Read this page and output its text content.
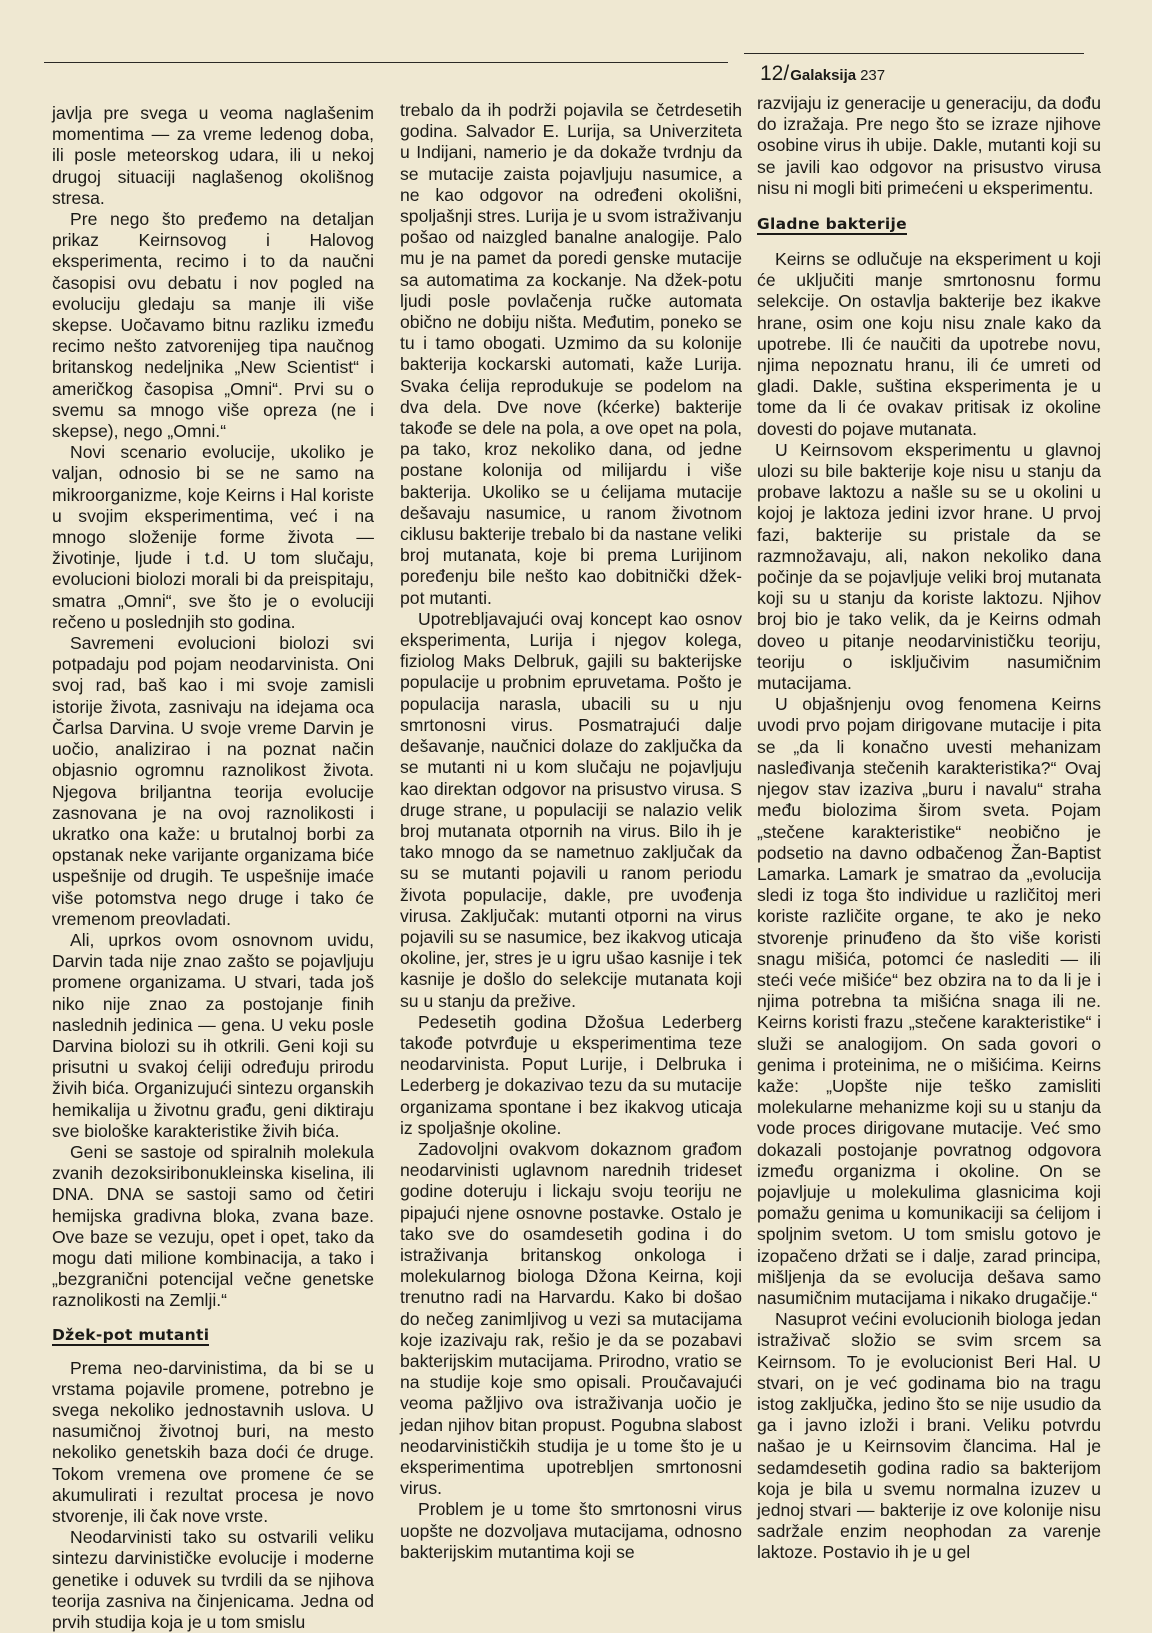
12/Galaksija 237

javlja pre svega u veoma naglašenim momentima — za vreme ledenog doba, ili posle meteorskog udara, ili u nekoj drugoj situaciji naglašenog okolišnog stresa.

Pre nego što pređemo na detaljan prikaz Keirnsovog i Halovog eksperimenta, recimo i to da naučni časopisi ovu debatu i nov pogled na evoluciju gledaju sa manje ili više skepse. Uočavamo bitnu razliku između recimo nešto zatvorenijeg tipa naučnog britanskog nedeljnika „New Scientist“ i američkog časopisa „Omni“. Prvi su o svemu sa mnogo više opreza (ne i skepse), nego „Omni.“

Novi scenario evolucije, ukoliko je valjan, odnosio bi se ne samo na mikroorganizme, koje Keirns i Hal koriste u svojim eksperimentima, već i na mnogo složenije forme života — životinje, ljude i t.d. U tom slučaju, evolucioni biolozi morali bi da preispitaju, smatra „Omni“, sve što je o evoluciji rečeno u poslednjih sto godina.

Savremeni evolucioni biolozi svi potpadaju pod pojam neodarvinista. Oni svoj rad, baš kao i mi svoje zamisli istorije života, zasnivaju na idejama oca Čarlsa Darvina. U svoje vreme Darvin je uočio, analizirao i na poznat način objasnio ogromnu raznolikost života. Njegova briljantna teorija evolucije zasnovana je na ovoj raznolikosti i ukratko ona kaže: u brutalnoj borbi za opstanak neke varijante organizama biće uspešnije od drugih. Te uspešnije imaće više potomstva nego druge i tako će vremenom preovladati.

Ali, uprkos ovom osnovnom uvidu, Darvin tada nije znao zašto se pojavljuju promene organizama. U stvari, tada još niko nije znao za postojanje finih naslednih jedinica — gena. U veku posle Darvina biolozi su ih otkrili. Geni koji su prisutni u svakoj ćeliji određuju prirodu živih bića. Organizujući sintezu organskih hemikalija u životnu građu, geni diktiraju sve biološke karakteristike živih bića.

Geni se sastoje od spiralnih molekula zvanih dezoksiribonukleinska kiselina, ili DNA. DNA se sastoji samo od četiri hemijska gradivna bloka, zvana baze. Ove baze se vezuju, opet i opet, tako da mogu dati milione kombinacija, a tako i „bezgranični potencijal večne genetske raznolikosti na Zemlji.“

Džek-pot mutanti

Prema neo-darvinistima, da bi se u vrstama pojavile promene, potrebno je svega nekoliko jednostavnih uslova. U nasumičnoj životnoj buri, na mesto nekoliko genetskih baza doći će druge. Tokom vremena ove promene će se akumulirati i rezultat procesa je novo stvorenje, ili čak nove vrste.

Neodarvinisti tako su ostvarili veliku sintezu darvinističke evolucije i moderne genetike i oduvek su tvrdili da se njihova teorija zasniva na činjenicama. Jedna od prvih studija koja je u tom smislu

trebalo da ih podrži pojavila se četrdesetih godina. Salvador E. Lurija, sa Univerziteta u Indijani, namerio je da dokaže tvrdnju da se mutacije zaista pojavljuju nasumice, a ne kao odgovor na određeni okolišni, spoljašnji stres. Lurija je u svom istraživanju pošao od naizgled banalne analogije. Palo mu je na pamet da poredi genske mutacije sa automatima za kockanje. Na džek-potu ljudi posle povlačenja ručke automata obično ne dobiju ništa. Međutim, poneko se tu i tamo obogati. Uzmimo da su kolonije bakterija kockarski automati, kaže Lurija. Svaka ćelija reprodukuje se podelom na dva dela. Dve nove (kćerke) bakterije takođe se dele na pola, a ove opet na pola, pa tako, kroz nekoliko dana, od jedne postane kolonija od milijardu i više bakterija. Ukoliko se u ćelijama mutacije dešavaju nasumice, u ranom životnom ciklusu bakterije trebalo bi da nastane veliki broj mutanata, koje bi prema Lurijinom poređenju bile nešto kao dobitnički džek-pot mutanti.

Upotrebljavajući ovaj koncept kao osnov eksperimenta, Lurija i njegov kolega, fiziolog Maks Delbruk, gajili su bakterijske populacije u probnim epruvetama. Pošto je populacija narasla, ubacili su u nju smrtonosni virus. Posmatrajući dalje dešavanje, naučnici dolaze do zaključka da se mutanti ni u kom slučaju ne pojavljuju kao direktan odgovor na prisustvo virusa. S druge strane, u populaciji se nalazio velik broj mutanata otpornih na virus. Bilo ih je tako mnogo da se nametnuo zaključak da su se mutanti pojavili u ranom periodu života populacije, dakle, pre uvođenja virusa. Zaključak: mutanti otporni na virus pojavili su se nasumice, bez ikakvog uticaja okoline, jer, stres je u igru ušao kasnije i tek kasnije je došlo do selekcije mutanata koji su u stanju da prežive.

Pedesetih godina Džošua Lederberg takođe potvrđuje u eksperimentima teze neodarvinista. Poput Lurije, i Delbruka i Lederberg je dokazivao tezu da su mutacije organizama spontane i bez ikakvog uticaja iz spoljašnje okoline.

Zadovoljni ovakvom dokaznom građom neodarvinisti uglavnom narednih trideset godine doteruju i lickaju svoju teoriju ne pipajući njene osnovne postavke. Ostalo je tako sve do osamdesetih godina i do istraživanja britanskog onkologa i molekularnog biologa Džona Keirna, koji trenutno radi na Harvardu. Kako bi došao do nečeg zanimljivog u vezi sa mutacijama koje izazivaju rak, rešio je da se pozabavi bakterijskim mutacijama. Prirodno, vratio se na studije koje smo opisali. Proučavajući veoma pažljivo ova istraživanja uočio je jedan njihov bitan propust. Pogubna slabost neodarvinističkih studija je u tome što je u eksperimentima upotrebljen smrtonosni virus.

Problem je u tome što smrtonosni virus uopšte ne dozvoljava mutacijama, odnosno bakterijskim mutantima koji se

razvijaju iz generacije u generaciju, da dođu do izražaja. Pre nego što se izraze njihove osobine virus ih ubije. Dakle, mutanti koji su se javili kao odgovor na prisustvo virusa nisu ni mogli biti primećeni u eksperimentu.

Gladne bakterije

Keirns se odlučuje na eksperiment u koji će uključiti manje smrtonosnu formu selekcije. On ostavlja bakterije bez ikakve hrane, osim one koju nisu znale kako da upotrebe. Ili će naučiti da upotrebe novu, njima nepoznatu hranu, ili će umreti od gladi. Dakle, suština eksperimenta je u tome da li će ovakav pritisak iz okoline dovesti do pojave mutanata.

U Keirnsovom eksperimentu u glavnoj ulozi su bile bakterije koje nisu u stanju da probave laktozu a našle su se u okolini u kojoj je laktoza jedini izvor hrane. U prvoj fazi, bakterije su pristale da se razmnožavaju, ali, nakon nekoliko dana počinje da se pojavljuje veliki broj mutanata koji su u stanju da koriste laktozu. Njihov broj bio je tako velik, da je Keirns odmah doveo u pitanje neodarvinističku teoriju, teoriju o isključivim nasumičnim mutacijama.

U objašnjenju ovog fenomena Keirns uvodi prvo pojam dirigovane mutacije i pita se „da li konačno uvesti mehanizam nasleđivanja stečenih karakteristika?“ Ovaj njegov stav izaziva „buru i navalu“ straha među biolozima širom sveta. Pojam „stečene karakteristike“ neobično je podsetio na davno odbačenog Žan-Baptist Lamarka. Lamark je smatrao da „evolucija sledi iz toga što individue u različitoj meri koriste različite organe, te ako je neko stvorenje prinuđeno da što više koristi snagu mišića, potomci će naslediti — ili steći veće mišiće“ bez obzira na to da li je i njima potrebna ta mišićna snaga ili ne. Keirns koristi frazu „stečene karakteristike“ i služi se analogijom. On sada govori o genima i proteinima, ne o mišićima. Keirns kaže: „Uopšte nije teško zamisliti molekularne mehanizme koji su u stanju da vode proces dirigovane mutacije. Već smo dokazali postojanje povratnog odgovora između organizma i okoline. On se pojavljuje u molekulima glasnicima koji pomažu genima u komunikaciji sa ćelijom i spoljnim svetom. U tom smislu gotovo je izopačeno držati se i dalje, zarad principa, mišljenja da se evolucija dešava samo nasumičnim mutacijama i nikako drugačije.“

Nasuprot većini evolucionih biologa jedan istraživač složio se svim srcem sa Keirnsom. To je evolucionist Beri Hal. U stvari, on je već godinama bio na tragu istog zaključka, jedino što se nije usudio da ga i javno izloži i brani. Veliku potvrdu našao je u Keirnsovim člancima. Hal je sedamdesetih godina radio sa bakterijom koja je bila u svemu normalna izuzev u jednoj stvari — bakterije iz ove kolonije nisu sadržale enzim neophodan za varenje laktoze. Postavio ih je u gel
